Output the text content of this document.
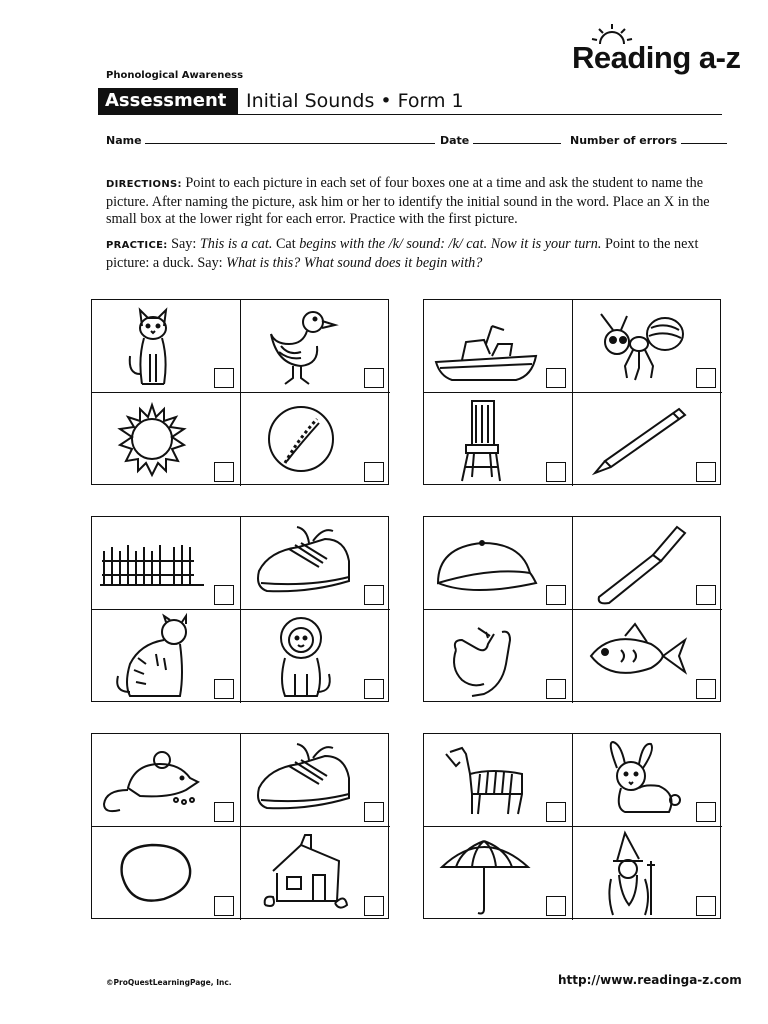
Reading a-z
Phonological Awareness
Assessment	Initial Sounds • Form 1
Name	Date	Number of errors
DIRECTIONS: Point to each picture in each set of four boxes one at a time and ask the student to name the picture. After naming the picture, ask him or her to identify the initial sound in the word. Place an X in the small box at the lower right for each error. Practice with the first picture.
PRACTICE: Say: This is a cat. Cat begins with the /k/ sound: /k/ cat. Now it is your turn. Point to the next picture: a duck. Say: What is this? What sound does it begin with?
©ProQuestLearningPage, Inc.	http://www.readinga-z.com
